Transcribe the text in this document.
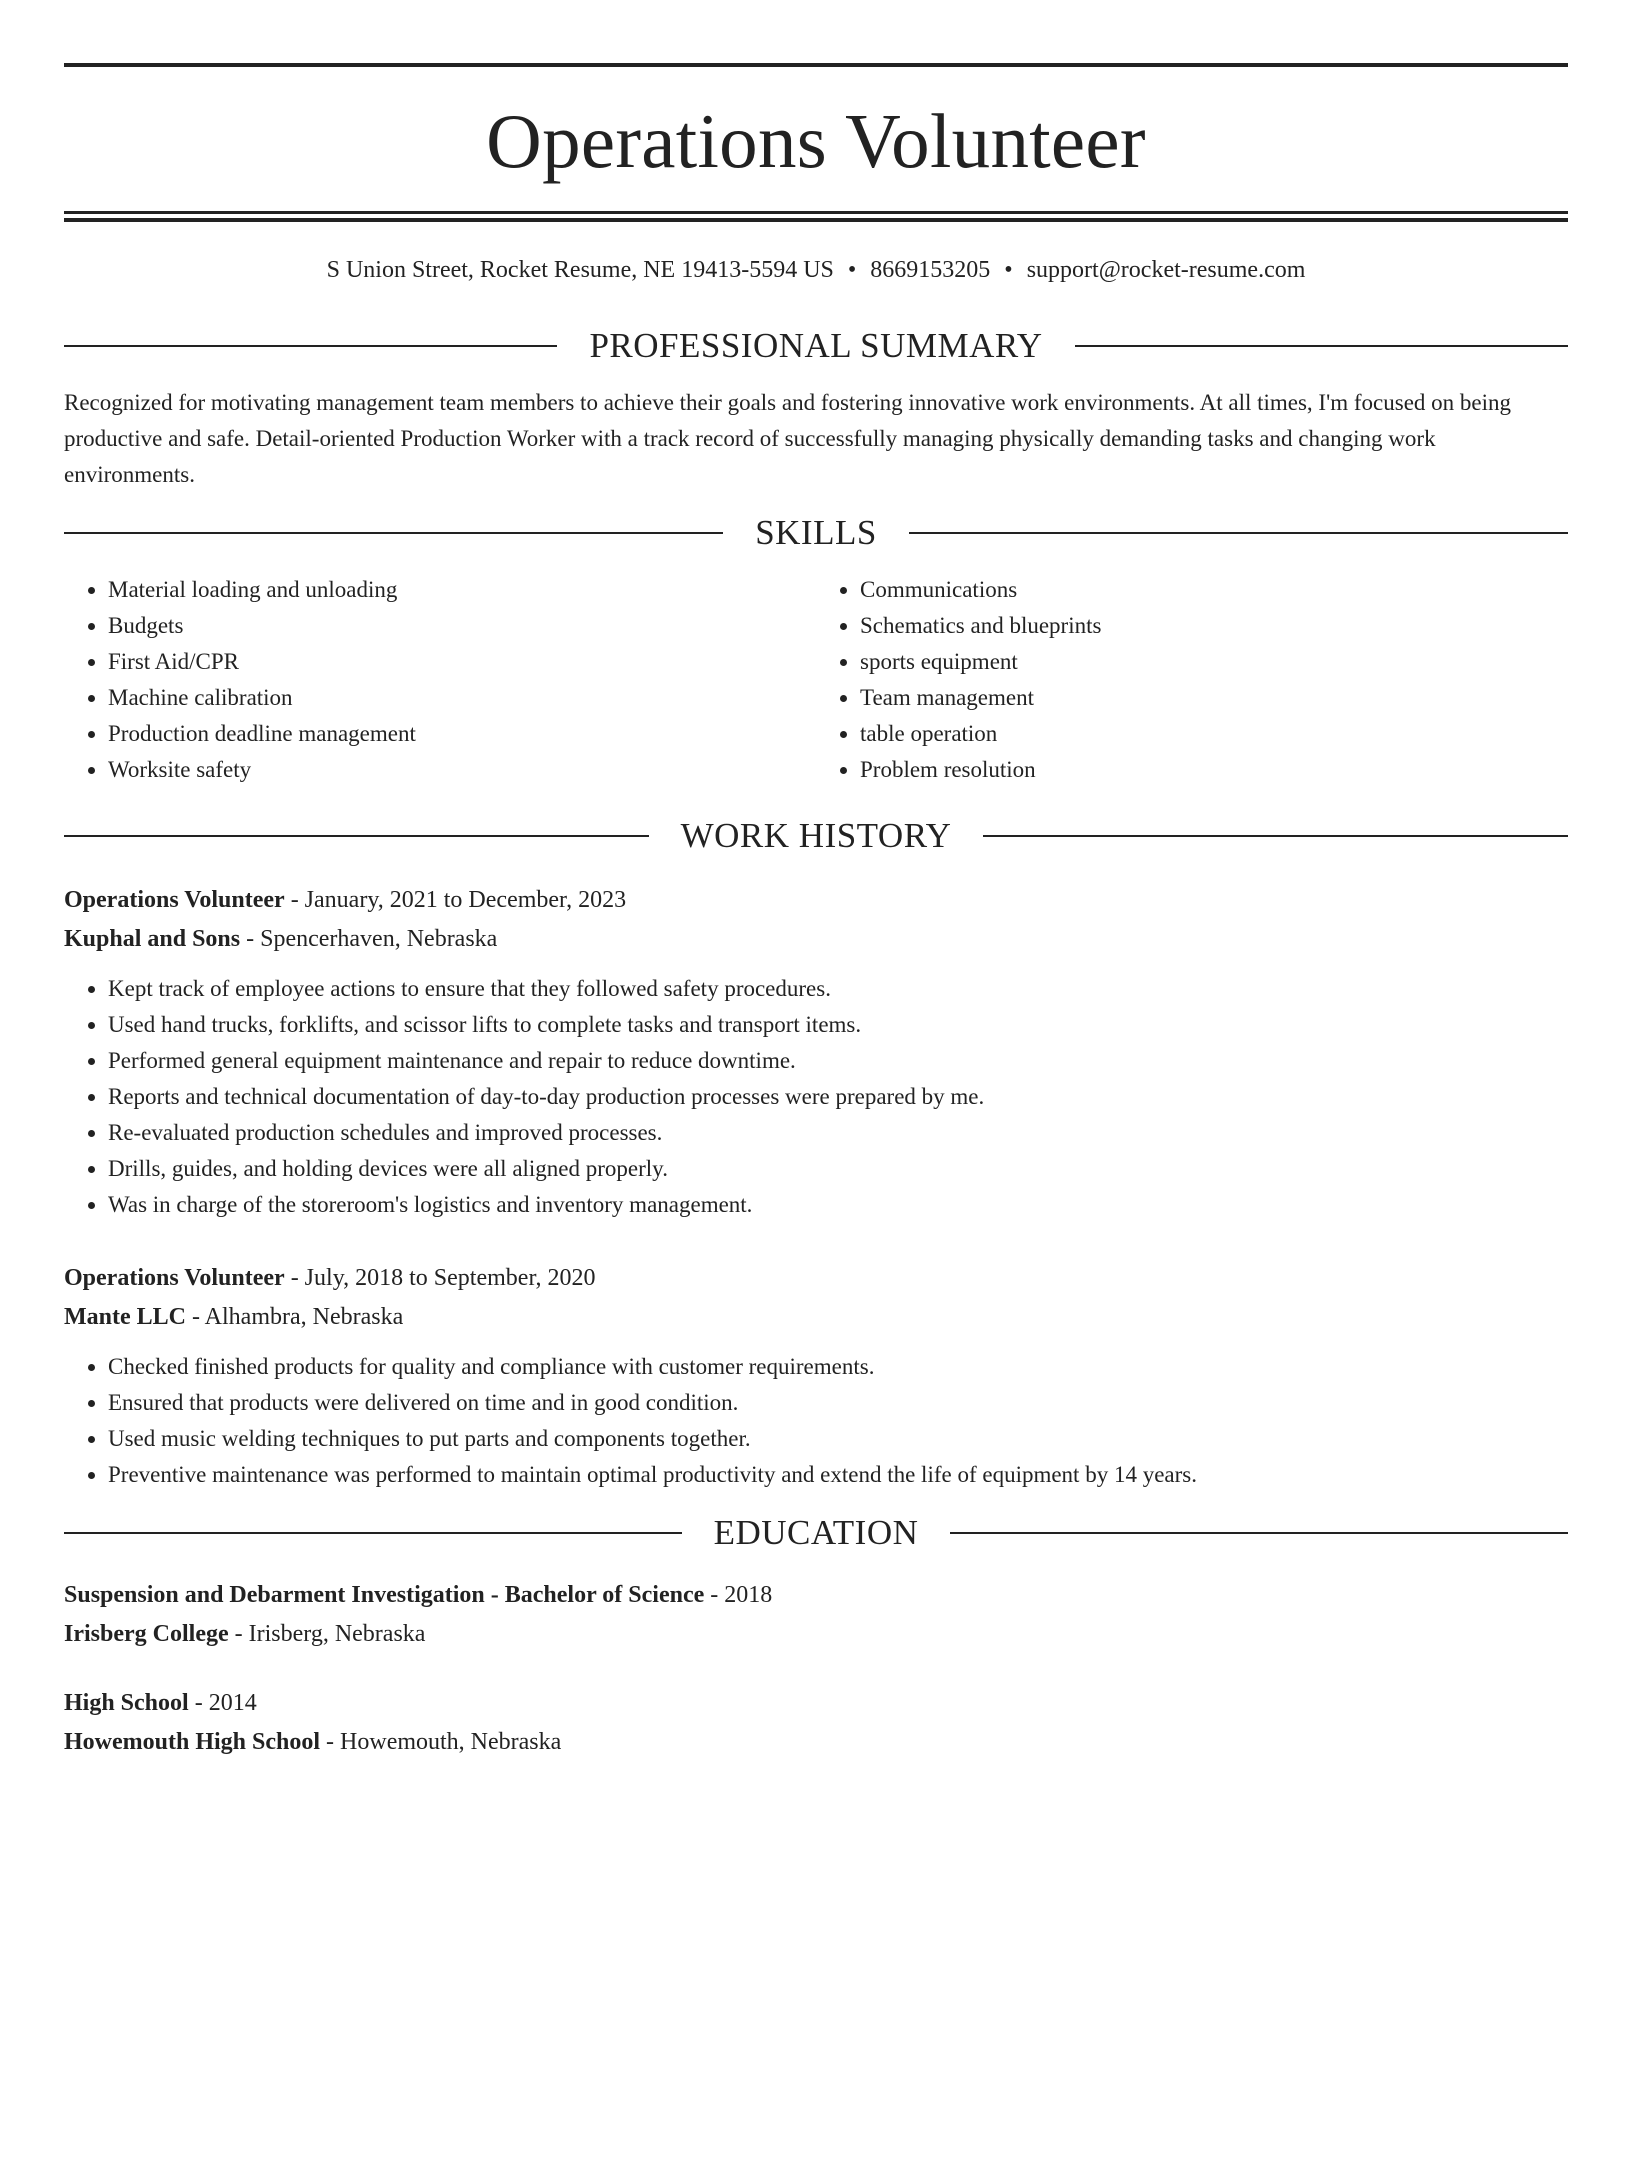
Operations Volunteer
S Union Street, Rocket Resume, NE 19413-5594 US • 8669153205 • support@rocket-resume.com
PROFESSIONAL SUMMARY

Recognized for motivating management team members to achieve their goals and fostering innovative work environments. At all times, I'm focused on being productive and safe. Detail-oriented Production Worker with a track record of successfully managing physically demanding tasks and changing work environments.

SKILLS
• Material loading and unloading
• Budgets
• First Aid/CPR
• Machine calibration
• Production deadline management
• Worksite safety
• Communications
• Schematics and blueprints
• sports equipment
• Team management
• table operation
• Problem resolution
WORK HISTORY
Operations Volunteer - January, 2021 to December, 2023
Kuphal and Sons - Spencerhaven, Nebraska
• Kept track of employee actions to ensure that they followed safety procedures.
• Used hand trucks, forklifts, and scissor lifts to complete tasks and transport items.
• Performed general equipment maintenance and repair to reduce downtime.
• Reports and technical documentation of day-to-day production processes were prepared by me.
• Re-evaluated production schedules and improved processes.
• Drills, guides, and holding devices were all aligned properly.
• Was in charge of the storeroom's logistics and inventory management.
Operations Volunteer - July, 2018 to September, 2020
Mante LLC - Alhambra, Nebraska
• Checked finished products for quality and compliance with customer requirements.
• Ensured that products were delivered on time and in good condition.
• Used music welding techniques to put parts and components together.
• Preventive maintenance was performed to maintain optimal productivity and extend the life of equipment by 14 years.
EDUCATION
Suspension and Debarment Investigation - Bachelor of Science - 2018
Irisberg College - Irisberg, Nebraska
High School - 2014
Howemouth High School - Howemouth, Nebraska
